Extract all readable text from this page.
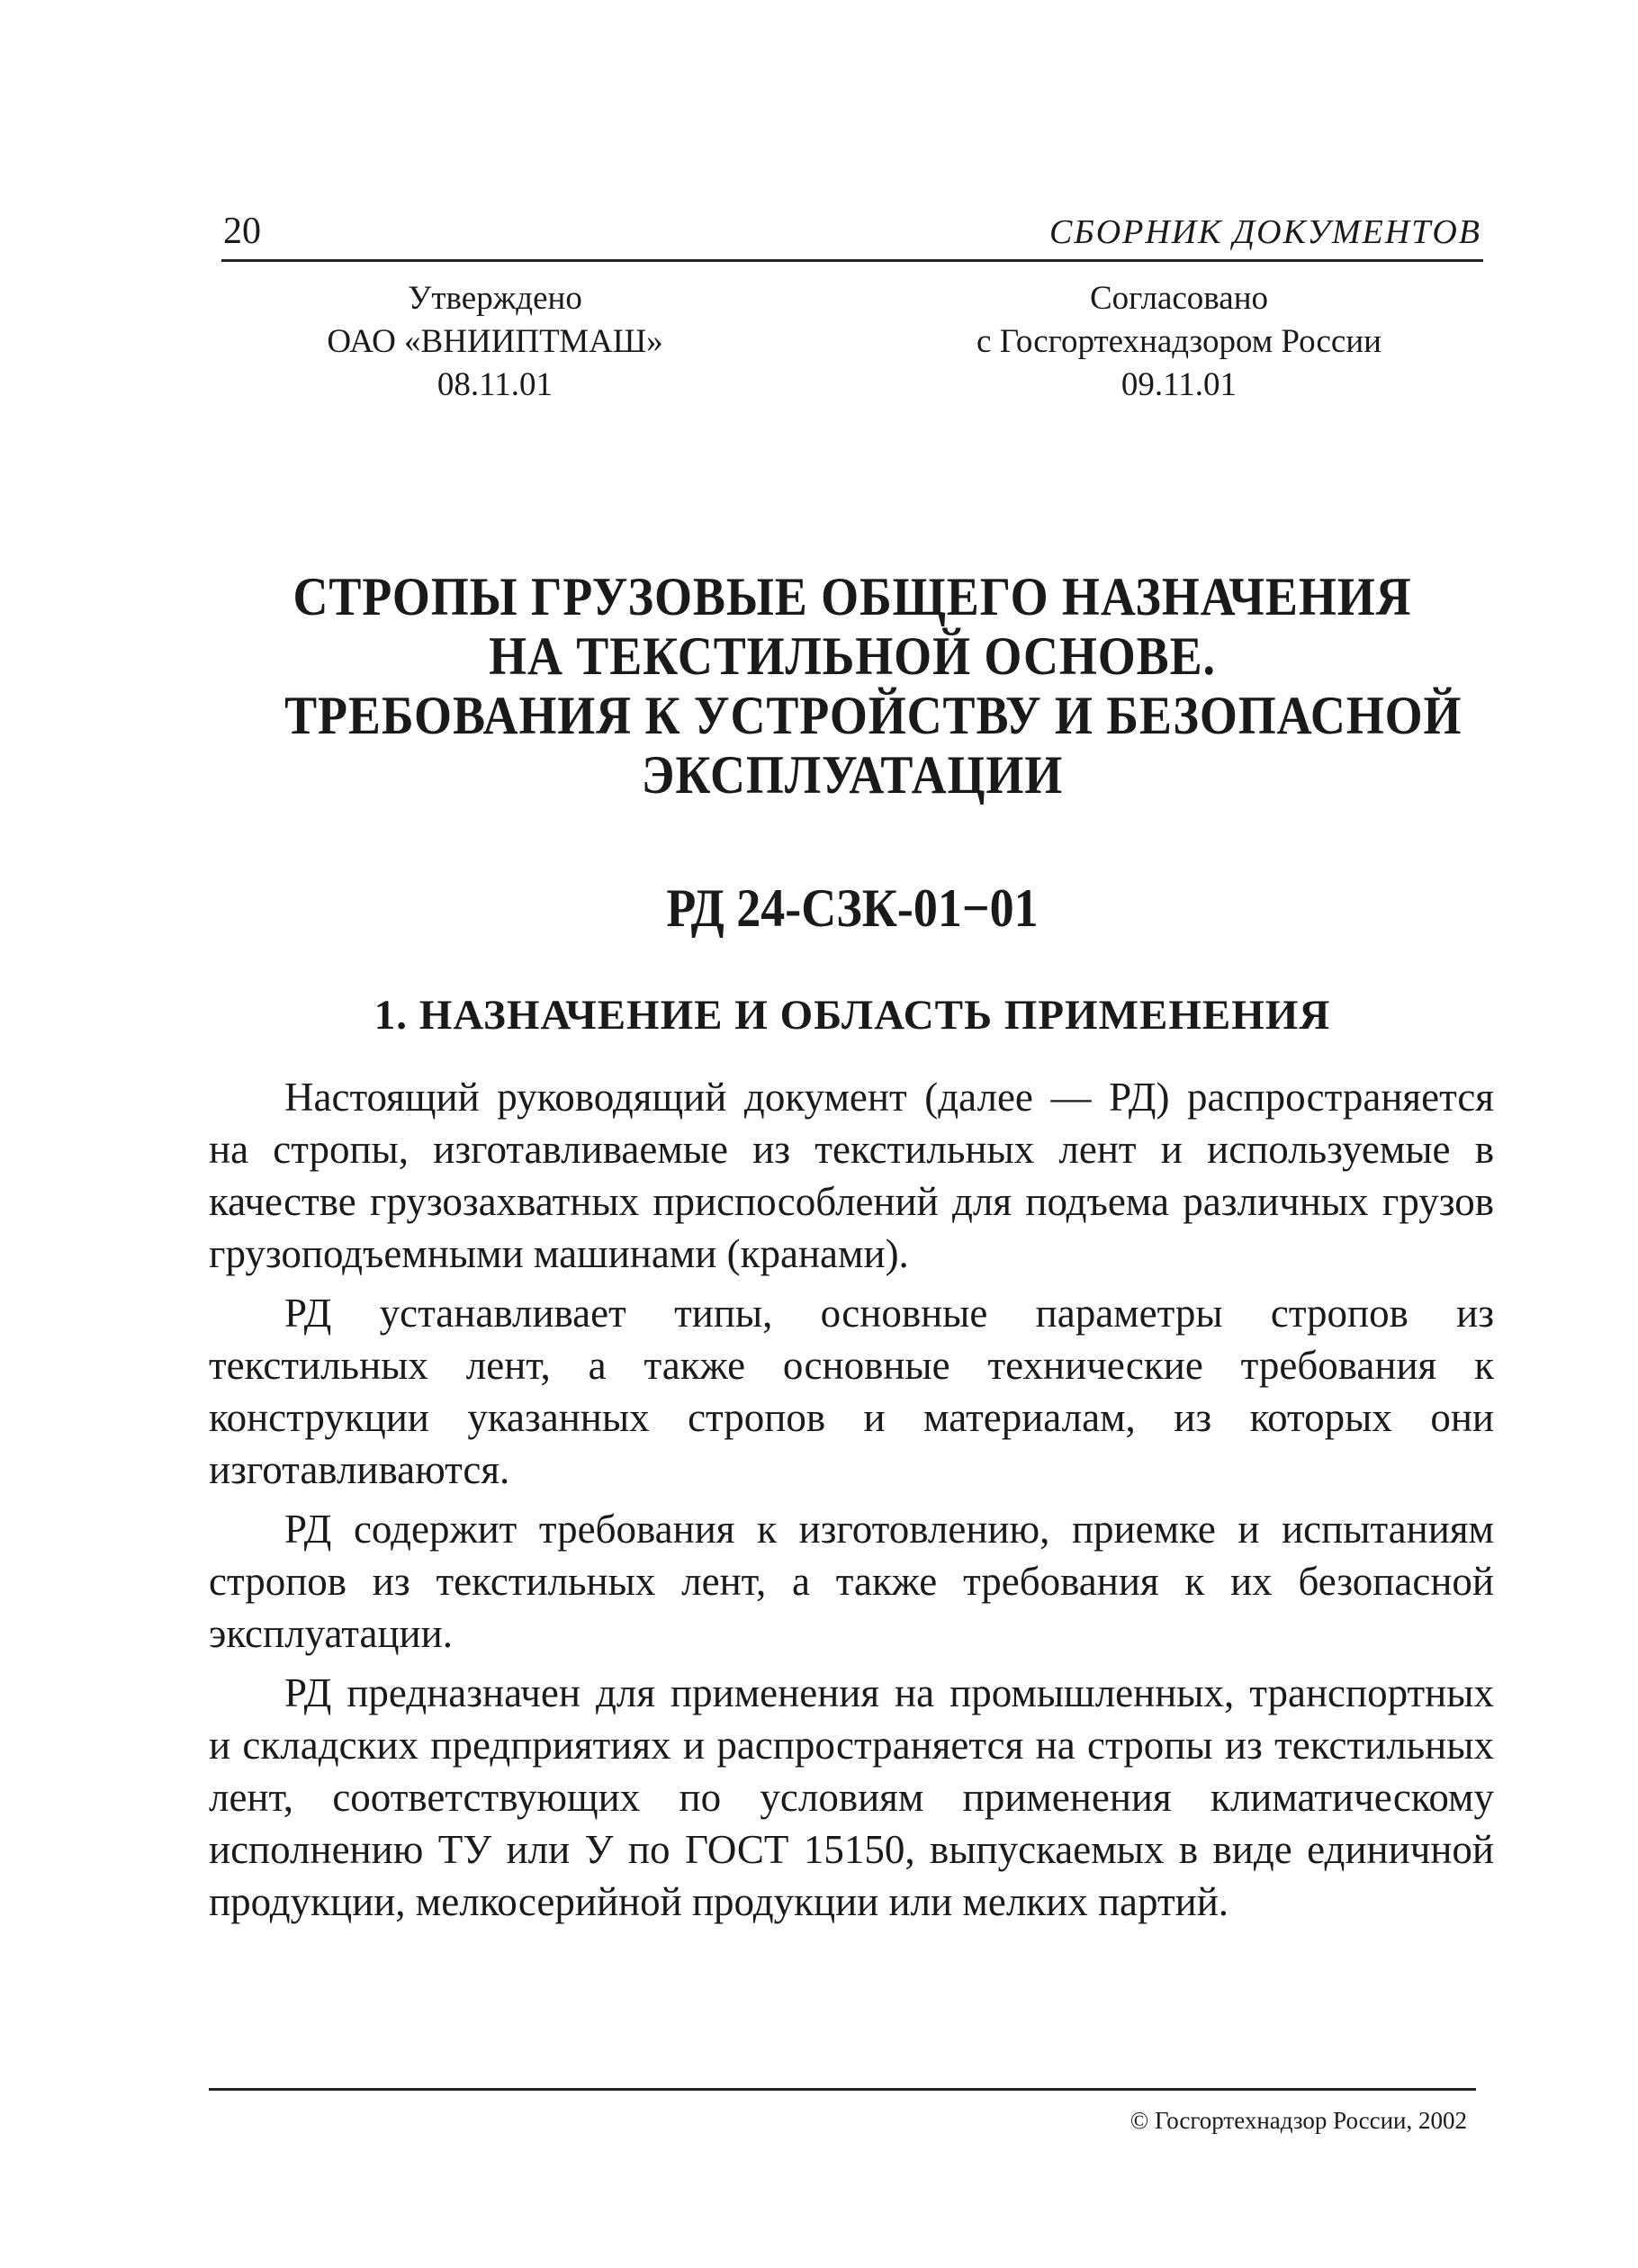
20	СБОРНИК ДОКУМЕНТОВ
Утверждено
ОАО «ВНИИПТМАШ»
08.11.01
Согласовано
с Госгортехнадзором России
09.11.01
СТРОПЫ ГРУЗОВЫЕ ОБЩЕГО НАЗНАЧЕНИЯ
НА ТЕКСТИЛЬНОЙ ОСНОВЕ.
ТРЕБОВАНИЯ К УСТРОЙСТВУ И БЕЗОПАСНОЙ
ЭКСПЛУАТАЦИИ
РД 24-СЗК-01−01
1. НАЗНАЧЕНИЕ И ОБЛАСТЬ ПРИМЕНЕНИЯ

Настоящий руководящий документ (далее — РД) распространяется на стропы, изготавливаемые из текстильных лент и используемые в качестве грузозахватных приспособлений для подъема различных грузов грузоподъемными машинами (кранами).

РД устанавливает типы, основные параметры стропов из текстильных лент, а также основные технические требования к конструкции указанных стропов и материалам, из которых они изготавливаются.

РД содержит требования к изготовлению, приемке и испытаниям стропов из текстильных лент, а также требования к их безопасной эксплуатации.

РД предназначен для применения на промышленных, транспортных и складских предприятиях и распространяется на стропы из текстильных лент, соответствующих по условиям применения климатическому исполнению ТУ или У по ГОСТ 15150, выпускаемых в виде единичной продукции, мелкосерийной продукции или мелких партий.

© Госгортехнадзор России, 2002
